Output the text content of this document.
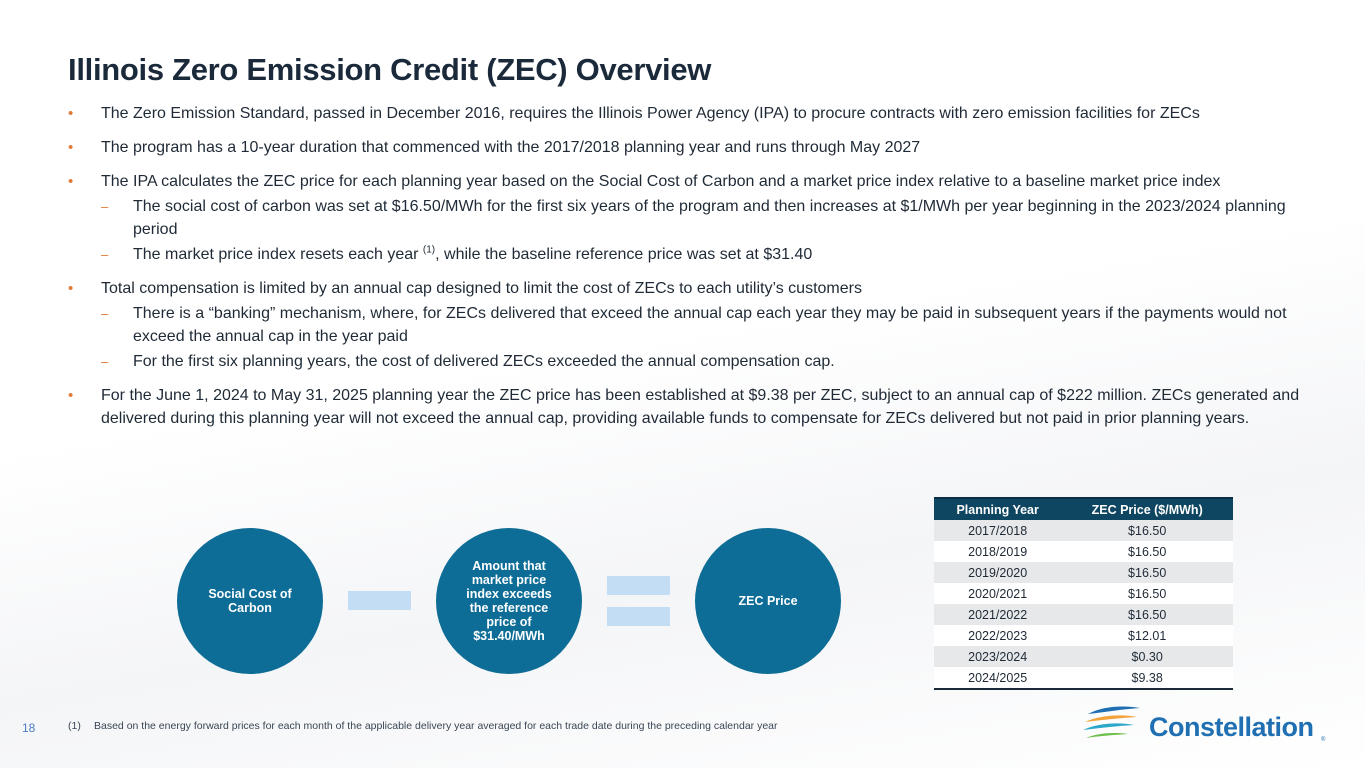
Illinois Zero Emission Credit (ZEC) Overview
• The Zero Emission Standard, passed in December 2016, requires the Illinois Power Agency (IPA) to procure contracts with zero emission facilities for ZECs
• The program has a 10-year duration that commenced with the 2017/2018 planning year and runs through May 2027
• The IPA calculates the ZEC price for each planning year based on the Social Cost of Carbon and a market price index relative to a baseline market price index
– The social cost of carbon was set at $16.50/MWh for the first six years of the program and then increases at $1/MWh per year beginning in the 2023/2024 planning period
– The market price index resets each year $^{(1)}$, while the baseline reference price was set at $31.40
• Total compensation is limited by an annual cap designed to limit the cost of ZECs to each utility’s customers
– There is a “banking” mechanism, where, for ZECs delivered that exceed the annual cap each year they may be paid in subsequent years if the payments would not exceed the annual cap in the year paid
– For the first six planning years, the cost of delivered ZECs exceeded the annual compensation cap.
• For the June 1, 2024 to May 31, 2025 planning year the ZEC price has been established at $9.38 per ZEC, subject to an annual cap of $222 million. ZECs generated and delivered during this planning year will not exceed the annual cap, providing available funds to compensate for ZECs delivered but not paid in prior planning years.
Social Cost of Carbon
Amount that market price index exceeds the reference price of $31.40/MWh
ZEC Price
Planning Year	ZEC Price ($/MWh)
2017/2018	$16.50
2018/2019	$16.50
2019/2020	$16.50
2020/2021	$16.50
2021/2022	$16.50
2022/2023	$12.01
2023/2024	$0.30
2024/2025	$9.38
18	(1) Based on the energy forward prices for each month of the applicable delivery year averaged for each trade date during the preceding calendar year	Constellation ®
